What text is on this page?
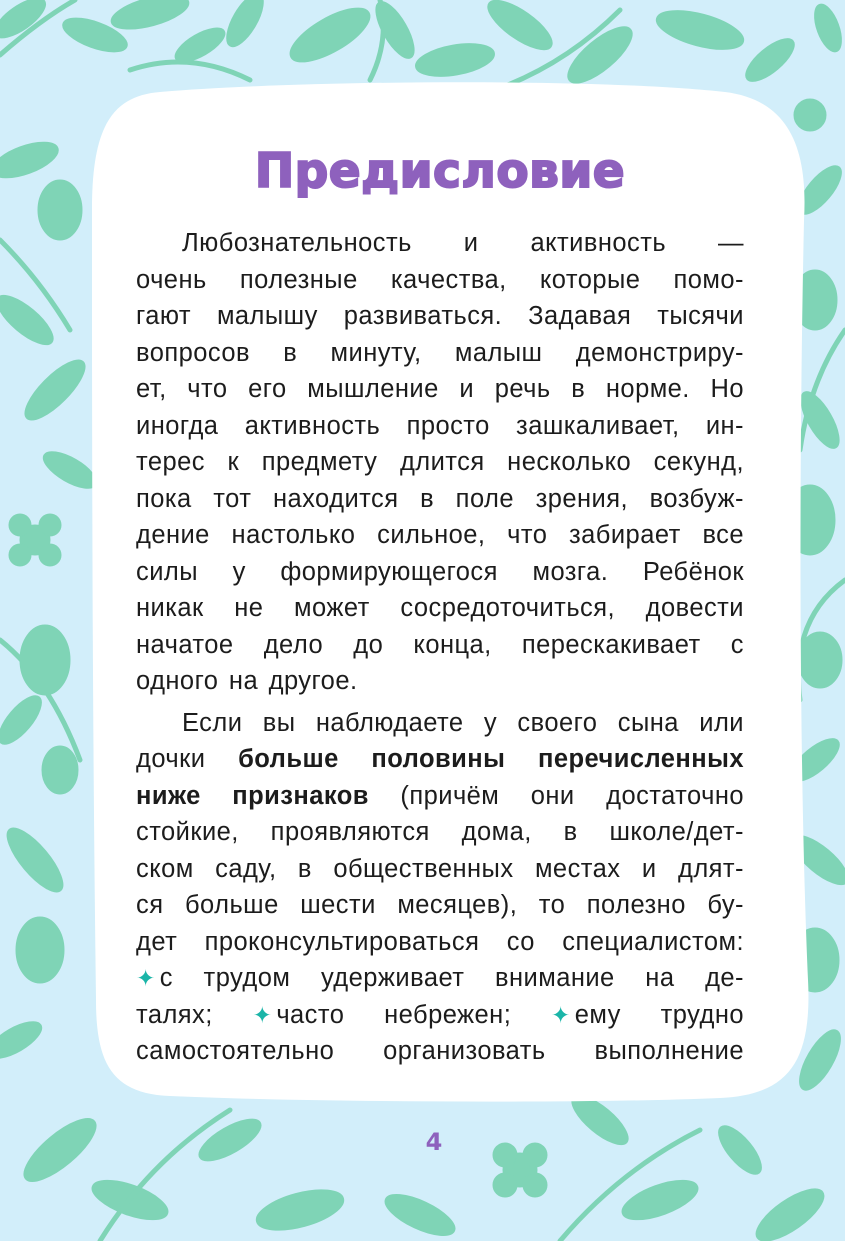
Предисловие
Любознательность и активность —
очень полезные качества, которые помо-
гают малышу развиваться. Задавая тысячи
вопросов в минуту, малыш демонстриру-
ет, что его мышление и речь в норме. Но
иногда активность просто зашкаливает, ин-
терес к предмету длится несколько секунд,
пока тот находится в поле зрения, возбуж-
дение настолько сильное, что забирает все
силы у формирующегося мозга. Ребёнок
никак не может сосредоточиться, довести
начатое дело до конца, перескакивает с
одного на другое.
Если вы наблюдаете у своего сына или
дочки больше половины перечисленных
ниже признаков (причём они достаточно
стойкие, проявляются дома, в школе/дет-
ском саду, в общественных местах и длят-
ся больше шести месяцев), то полезно бу-
дет проконсультироваться со специалистом:
✦ с трудом удерживает внимание на де-
талях; ✦ часто небрежен; ✦ ему трудно
самостоятельно организовать выполнение
4
